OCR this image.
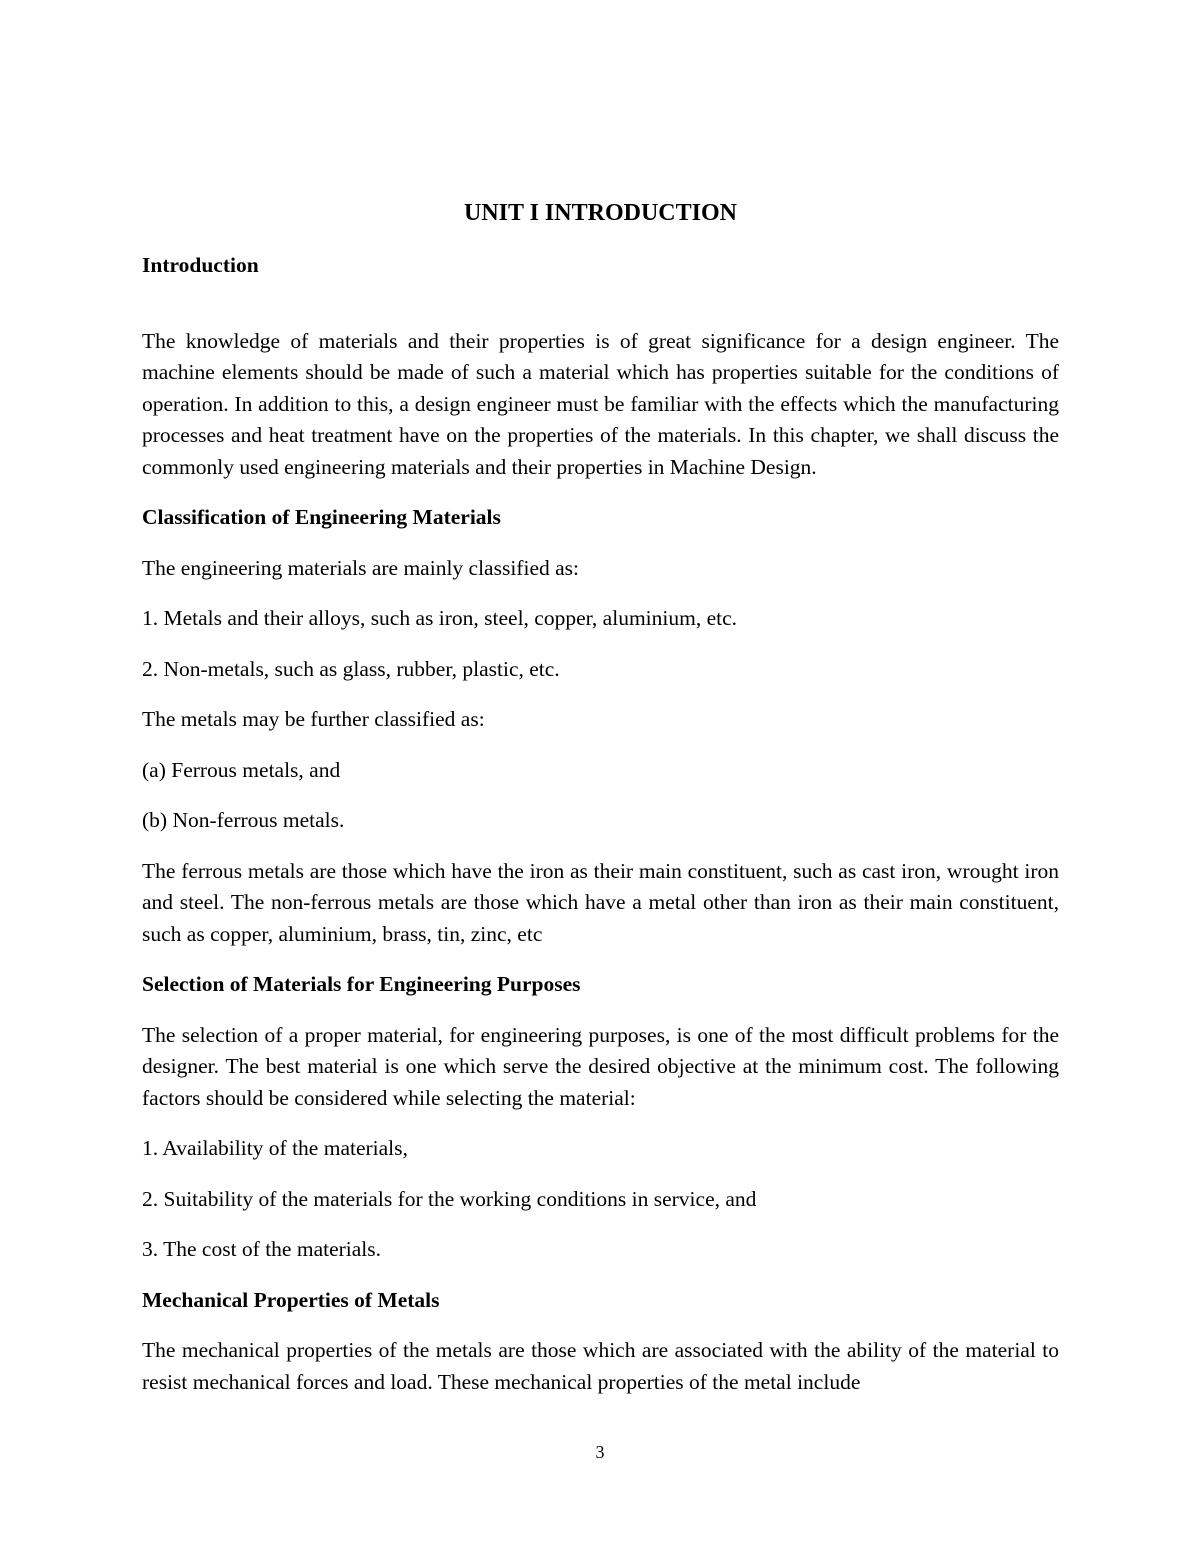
UNIT I INTRODUCTION

Introduction

The knowledge of materials and their properties is of great significance for a design engineer. The machine elements should be made of such a material which has properties suitable for the conditions of operation. In addition to this, a design engineer must be familiar with the effects which the manufacturing processes and heat treatment have on the properties of the materials. In this chapter, we shall discuss the commonly used engineering materials and their properties in Machine Design.

Classification of Engineering Materials

The engineering materials are mainly classified as:

1. Metals and their alloys, such as iron, steel, copper, aluminium, etc.

2. Non-metals, such as glass, rubber, plastic, etc.

The metals may be further classified as:

(a) Ferrous metals, and

(b) Non-ferrous metals.

The ferrous metals are those which have the iron as their main constituent, such as cast iron, wrought iron and steel. The non-ferrous metals are those which have a metal other than iron as their main constituent, such as copper, aluminium, brass, tin, zinc, etc

Selection of Materials for Engineering Purposes

The selection of a proper material, for engineering purposes, is one of the most difficult problems for the designer. The best material is one which serve the desired objective at the minimum cost. The following factors should be considered while selecting the material:

1. Availability of the materials,

2. Suitability of the materials for the working conditions in service, and

3. The cost of the materials.

Mechanical Properties of Metals

The mechanical properties of the metals are those which are associated with the ability of the material to resist mechanical forces and load. These mechanical properties of the metal include

3
